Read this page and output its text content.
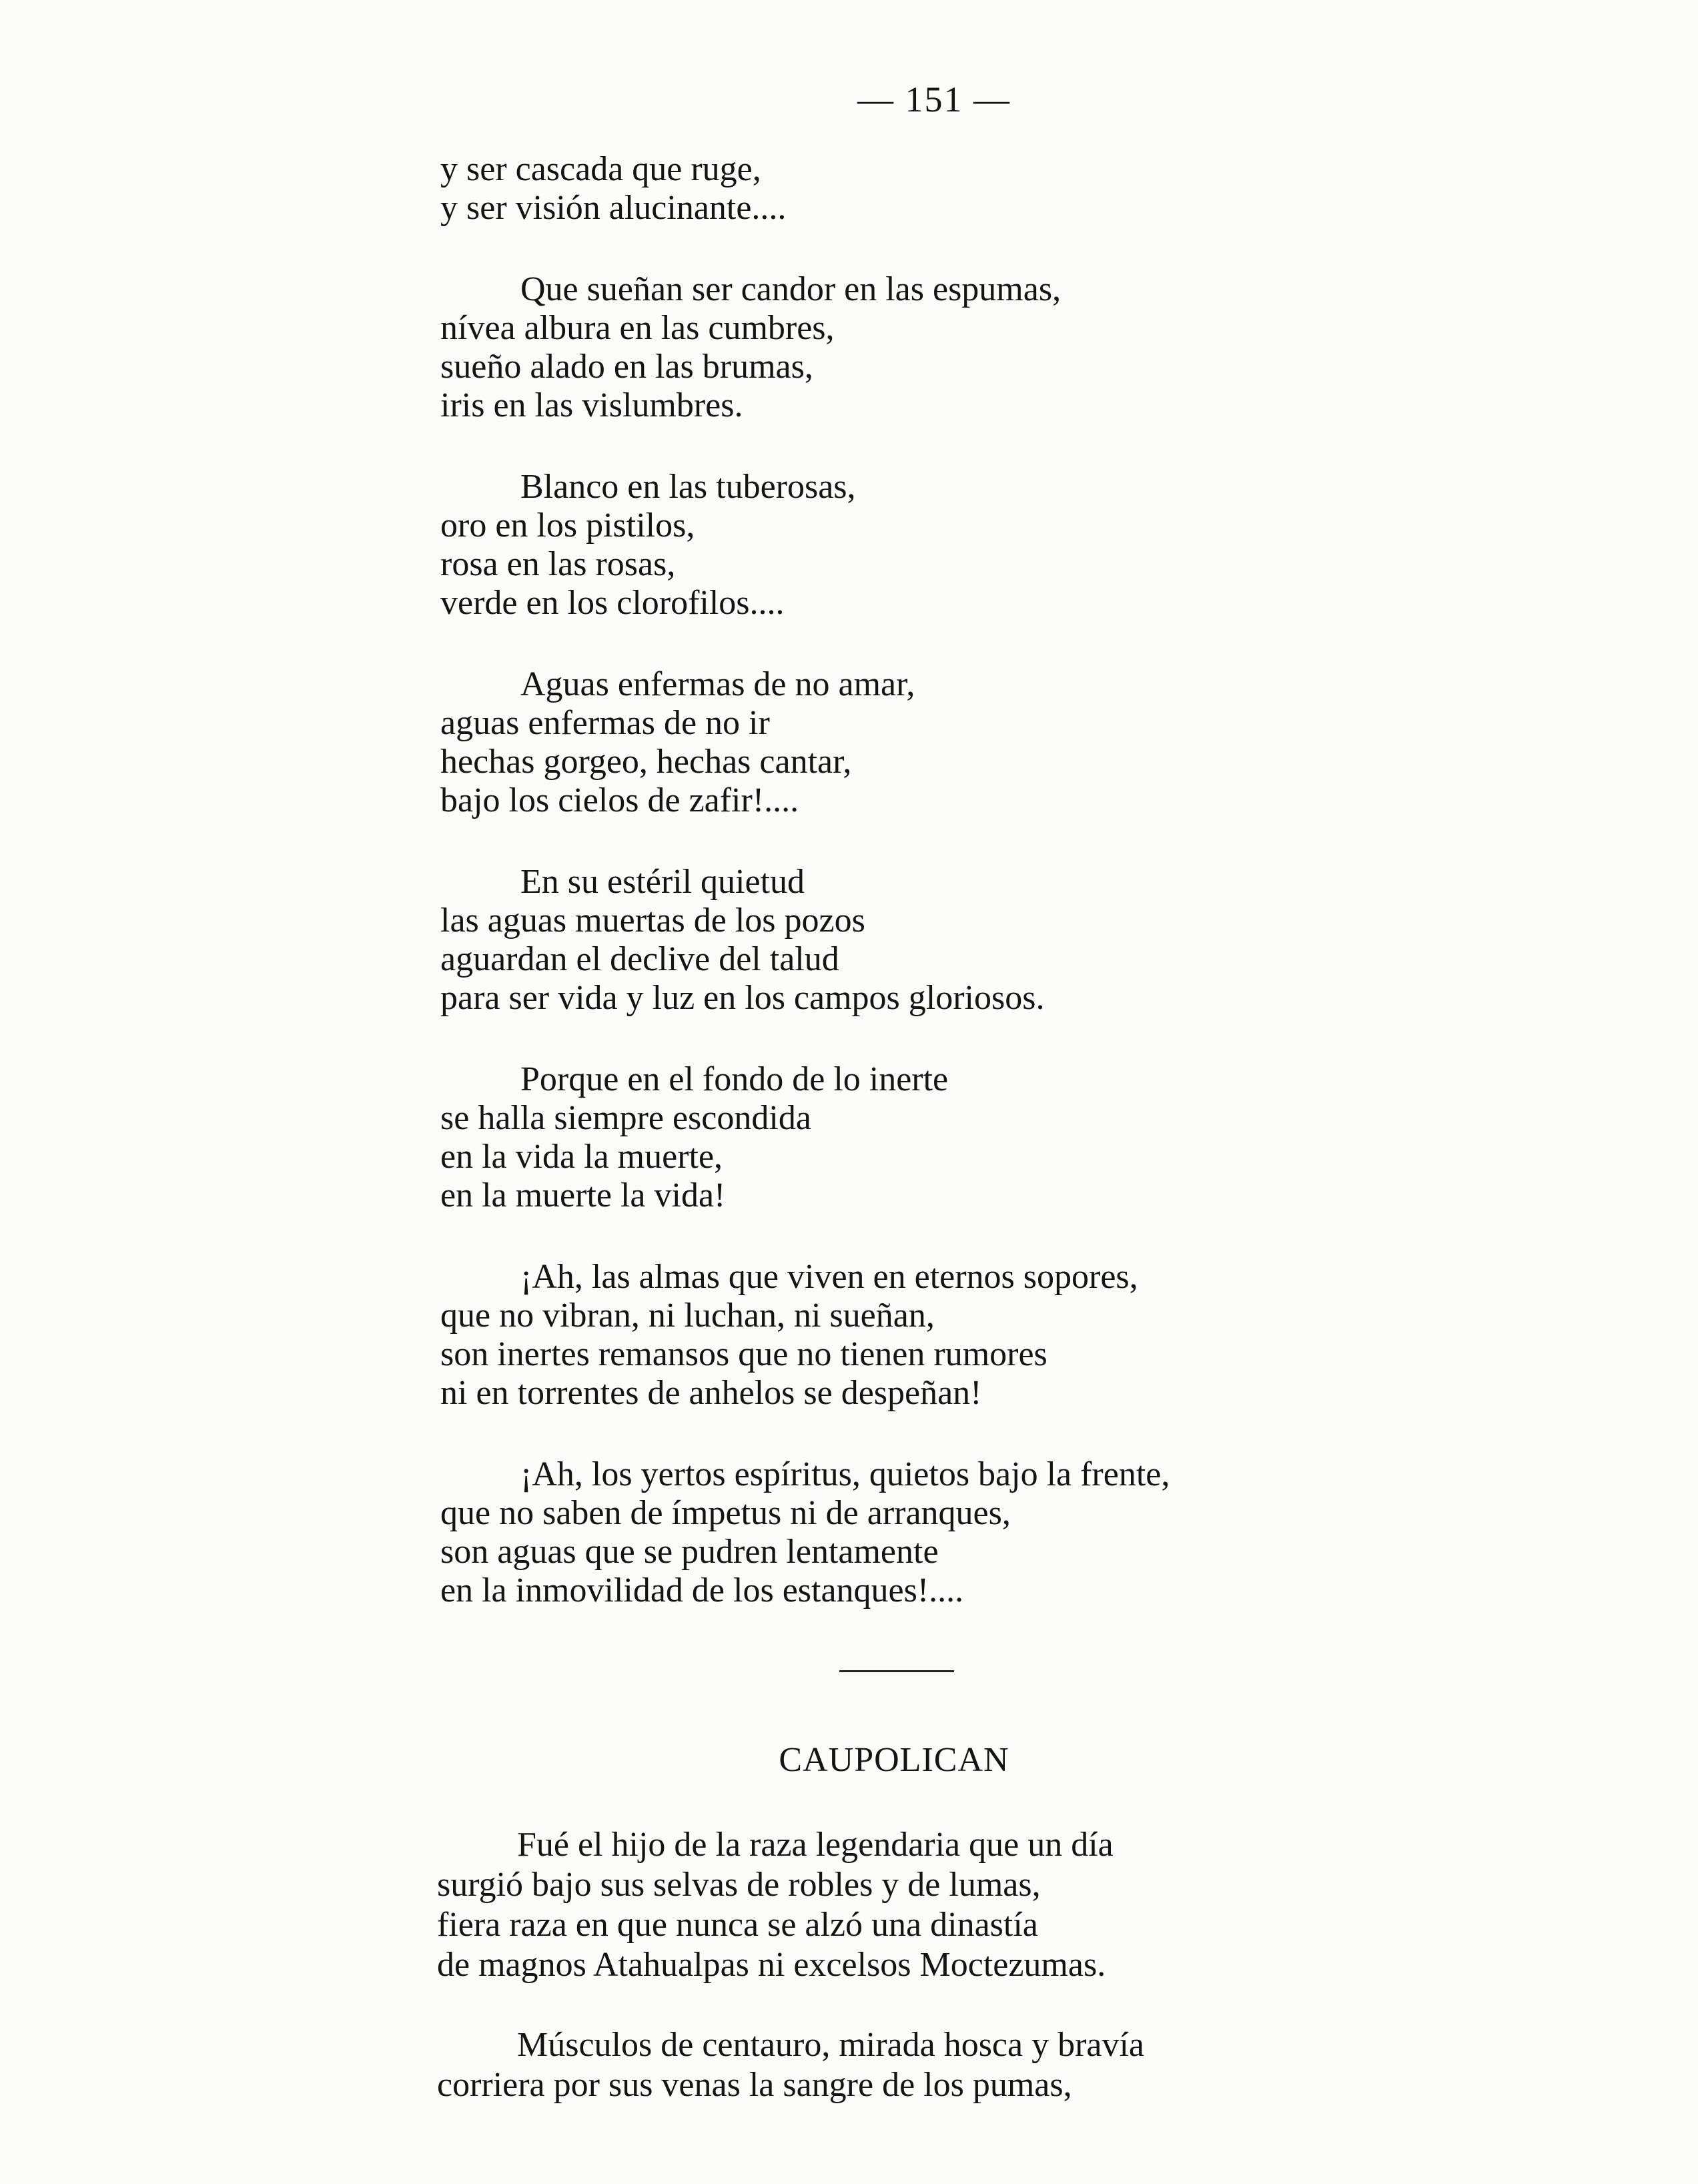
— 151 —

y ser cascada que ruge,

y ser visión alucinante....

Que sueñan ser candor en las espumas,

nívea albura en las cumbres,

sueño alado en las brumas,

iris en las vislumbres.

Blanco en las tuberosas,

oro en los pistilos,

rosa en las rosas,

verde en los clorofilos....

Aguas enfermas de no amar,

aguas enfermas de no ir

hechas gorgeo, hechas cantar,

bajo los cielos de zafir!....

En su estéril quietud

las aguas muertas de los pozos

aguardan el declive del talud

para ser vida y luz en los campos gloriosos.

Porque en el fondo de lo inerte

se halla siempre escondida

en la vida la muerte,

en la muerte la vida!

¡Ah, las almas que viven en eternos sopores,

que no vibran, ni luchan, ni sueñan,

son inertes remansos que no tienen rumores

ni en torrentes de anhelos se despeñan!

¡Ah, los yertos espíritus, quietos bajo la frente,

que no saben de ímpetus ni de arranques,

son aguas que se pudren lentamente

en la inmovilidad de los estanques!....

CAUPOLICAN

Fué el hijo de la raza legendaria que un día

surgió bajo sus selvas de robles y de lumas,

fiera raza en que nunca se alzó una dinastía

de magnos Atahualpas ni excelsos Moctezumas.

Músculos de centauro, mirada hosca y bravía

corriera por sus venas la sangre de los pumas,
